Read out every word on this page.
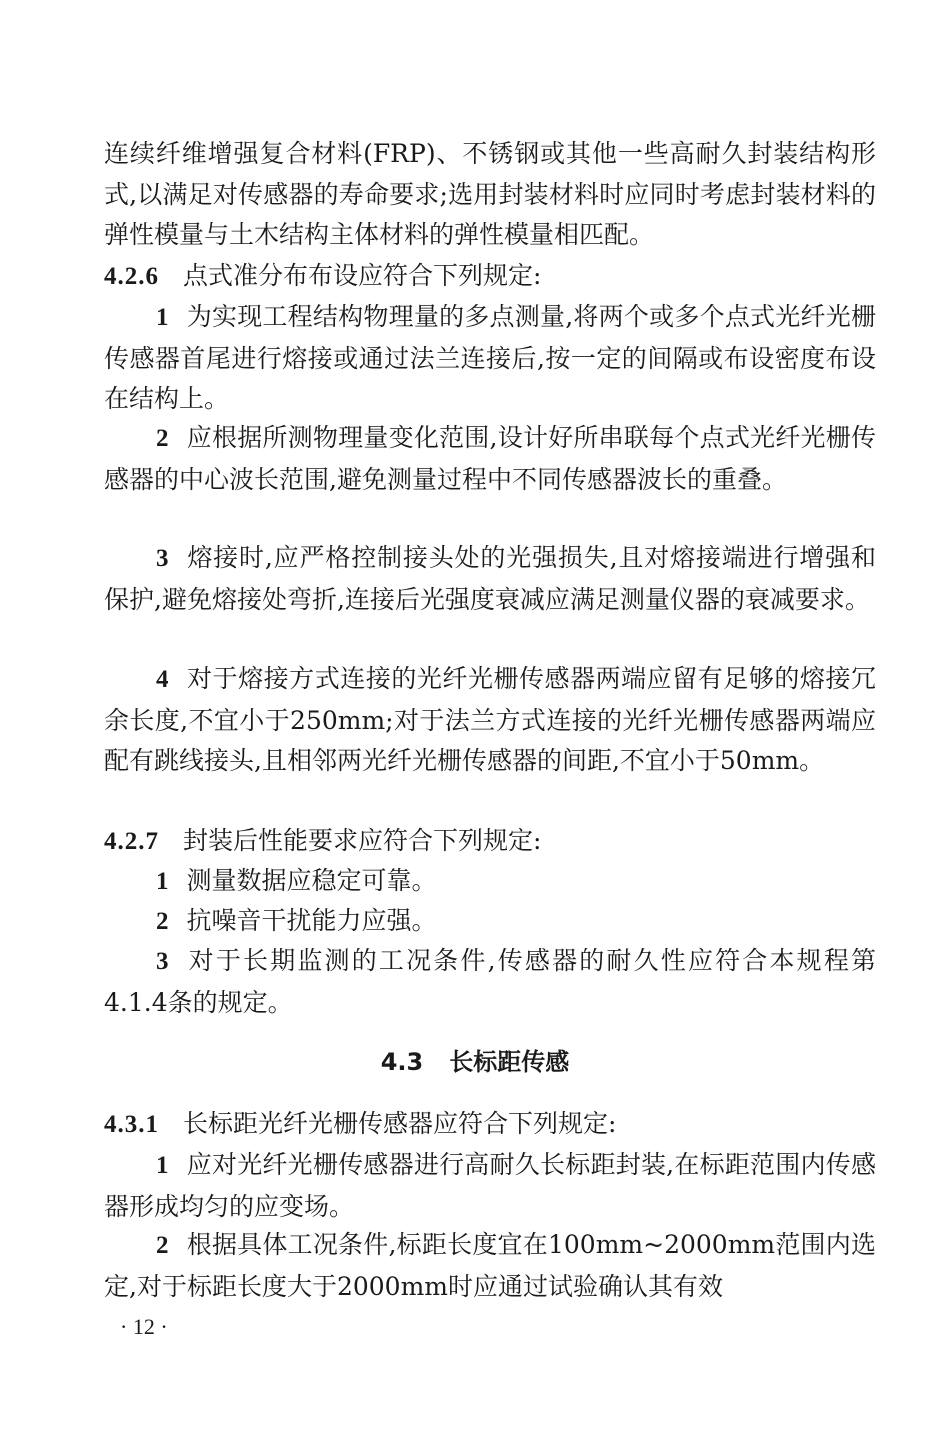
连续纤维增强复合材料(FRP)、不锈钢或其他一些高耐久封装结构形式,以满足对传感器的寿命要求;选用封装材料时应同时考虑封装材料的弹性模量与土木结构主体材料的弹性模量相匹配。
4.2.6 点式准分布布设应符合下列规定:
1 为实现工程结构物理量的多点测量,将两个或多个点式光纤光栅传感器首尾进行熔接或通过法兰连接后,按一定的间隔或布设密度布设在结构上。
2 应根据所测物理量变化范围,设计好所串联每个点式光纤光栅传感器的中心波长范围,避免测量过程中不同传感器波长的重叠。
3 熔接时,应严格控制接头处的光强损失,且对熔接端进行增强和保护,避免熔接处弯折,连接后光强度衰减应满足测量仪器的衰减要求。
4 对于熔接方式连接的光纤光栅传感器两端应留有足够的熔接冗余长度,不宜小于250mm;对于法兰方式连接的光纤光栅传感器两端应配有跳线接头,且相邻两光纤光栅传感器的间距,不宜小于50mm。
4.2.7 封装后性能要求应符合下列规定:
1 测量数据应稳定可靠。
2 抗噪音干扰能力应强。
3 对于长期监测的工况条件,传感器的耐久性应符合本规程第4.1.4条的规定。
4.3 长标距传感
4.3.1 长标距光纤光栅传感器应符合下列规定:
1 应对光纤光栅传感器进行高耐久长标距封装,在标距范围内传感器形成均匀的应变场。
2 根据具体工况条件,标距长度宜在100mm~2000mm范围内选定,对于标距长度大于2000mm时应通过试验确认其有效
· 12 ·
